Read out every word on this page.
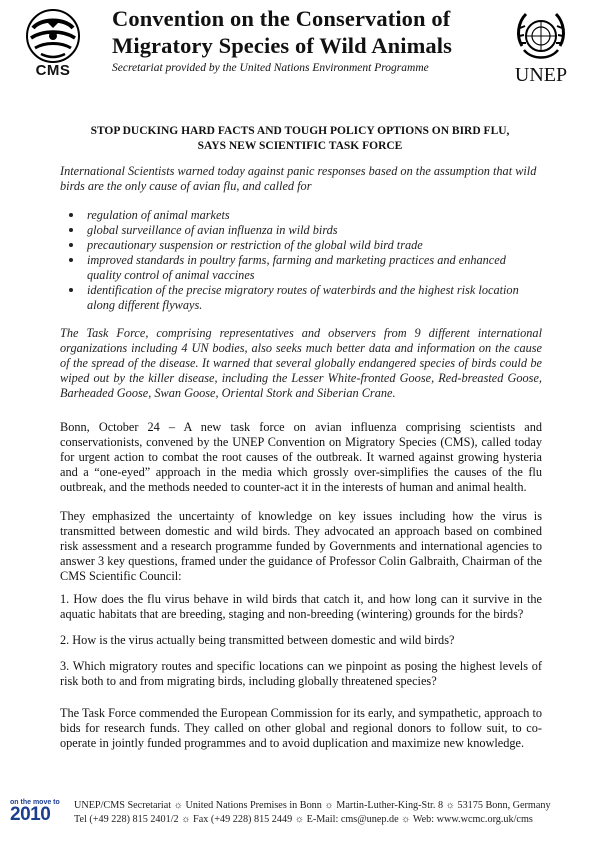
CMS
Convention on the Conservation of
Migratory Species of Wild Animals
Secretariat provided by the United Nations Environment Programme	UNEP
STOP DUCKING HARD FACTS AND TOUGH POLICY OPTIONS ON BIRD FLU,
SAYS NEW SCIENTIFIC TASK FORCE
International Scientists warned today against panic responses based on the assumption that wild birds are the only cause of avian flu, and called for
regulation of animal markets
global surveillance of avian influenza in wild birds
precautionary suspension or restriction of the global wild bird trade
improved standards in poultry farms, farming and marketing practices and enhanced quality control of animal vaccines
identification of the precise migratory routes of waterbirds and the highest risk location along different flyways.
The Task Force, comprising representatives and observers from 9 different international organizations including 4 UN bodies, also seeks much better data and information on the cause of the spread of the disease. It warned that several globally endangered species of birds could be wiped out by the killer disease, including the Lesser White-fronted Goose, Red-breasted Goose, Barheaded Goose, Swan Goose, Oriental Stork and Siberian Crane.
Bonn, October 24 – A new task force on avian influenza comprising scientists and conservationists, convened by the UNEP Convention on Migratory Species (CMS), called today for urgent action to combat the root causes of the outbreak. It warned against growing hysteria and a “one-eyed” approach in the media which grossly over-simplifies the causes of the flu outbreak, and the methods needed to counter-act it in the interests of human and animal health.
They emphasized the uncertainty of knowledge on key issues including how the virus is transmitted between domestic and wild birds. They advocated an approach based on combined risk assessment and a research programme funded by Governments and international agencies to answer 3 key questions, framed under the guidance of Professor Colin Galbraith, Chairman of the CMS Scientific Council:
1. How does the flu virus behave in wild birds that catch it, and how long can it survive in the aquatic habitats that are breeding, staging and non-breeding (wintering) grounds for the birds?
2. How is the virus actually being transmitted between domestic and wild birds?
3. Which migratory routes and specific locations can we pinpoint as posing the highest levels of risk both to and from migrating birds, including globally threatened species?
The Task Force commended the European Commission for its early, and sympathetic, approach to bids for research funds. They called on other global and regional donors to follow suit, to co-operate in jointly funded programmes and to avoid duplication and maximize new knowledge.
on the move to
2010	UNEP/CMS Secretariat ☼ United Nations Premises in Bonn ☼ Martin-Luther-King-Str. 8 ☼ 53175 Bonn, Germany
Tel (+49 228) 815 2401/2 ☼ Fax (+49 228) 815 2449 ☼ E-Mail: cms@unep.de ☼ Web: www.wcmc.org.uk/cms
